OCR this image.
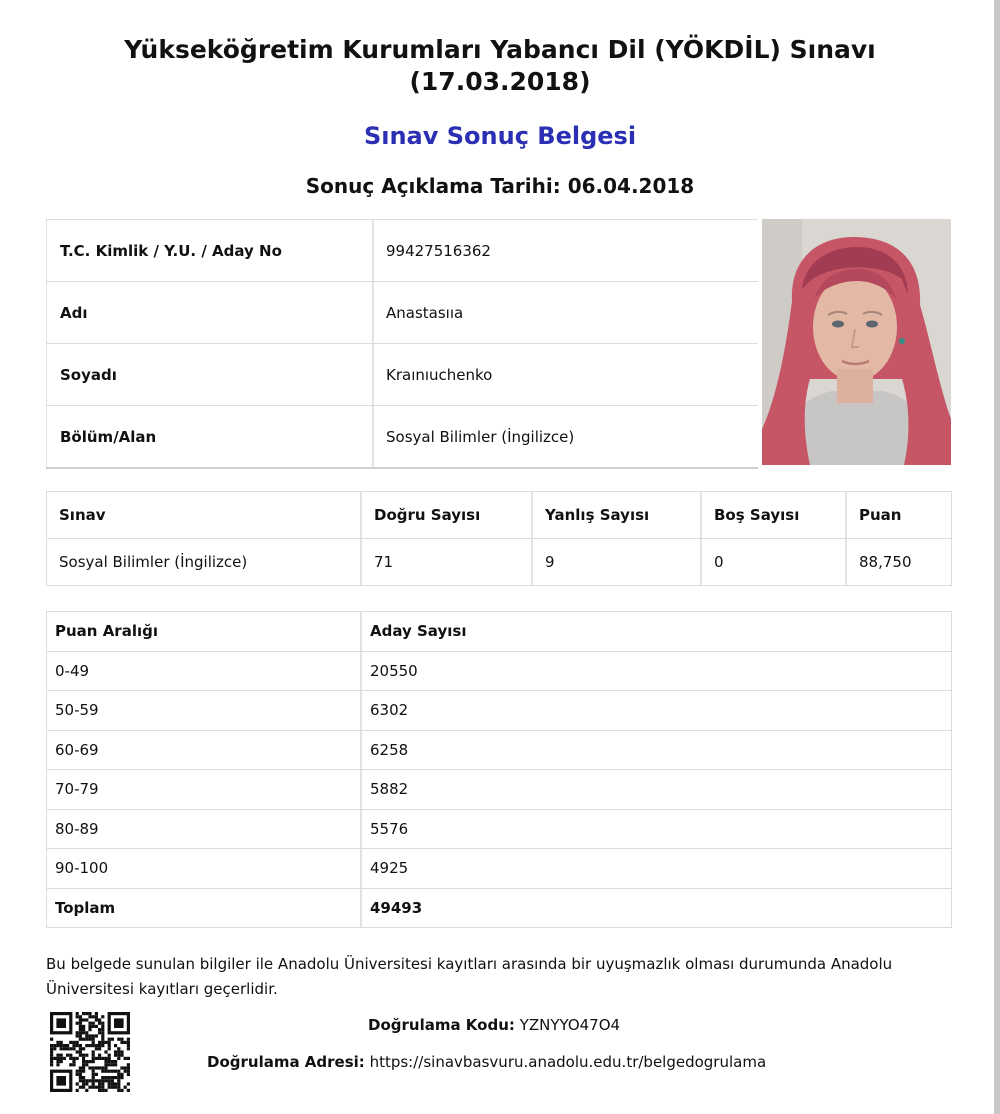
Yükseköğretim Kurumları Yabancı Dil (YÖKDİL) Sınavı
(17.03.2018)
Sınav Sonuç Belgesi
Sonuç Açıklama Tarihi: 06.04.2018
T.C. Kimlik / Y.U. / Aday No	99427516362
Adı	Anastasııa
Soyadı	Kraınıuchenko
Bölüm/Alan	Sosyal Bilimler (İngilizce)
Sınav	Doğru Sayısı	Yanlış Sayısı	Boş Sayısı	Puan
Sosyal Bilimler (İngilizce)	71	9	0	88,750
Puan Aralığı	Aday Sayısı
0-49	20550
50-59	6302
60-69	6258
70-79	5882
80-89	5576
90-100	4925
Toplam	49493
Bu belgede sunulan bilgiler ile Anadolu Üniversitesi kayıtları arasında bir uyuşmazlık olması durumunda Anadolu Üniversitesi kayıtları geçerlidir.
Doğrulama Kodu: YZNYYO47O4
Doğrulama Adresi: https://sinavbasvuru.anadolu.edu.tr/belgedogrulama
